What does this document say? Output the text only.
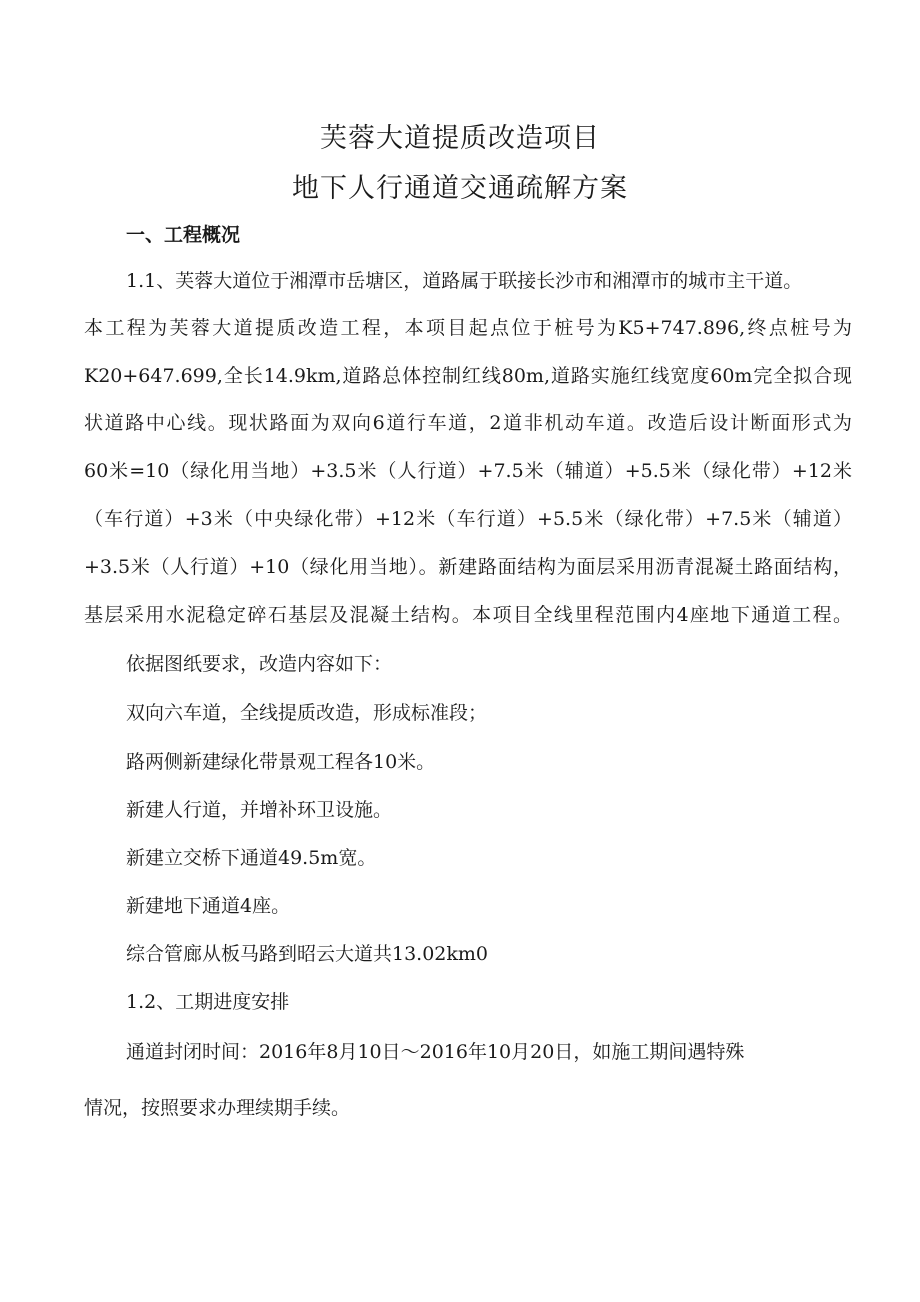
芙蓉大道提质改造项目
地下人行通道交通疏解方案
一、工程概况
1.1、芙蓉大道位于湘潭市岳塘区，道路属于联接长沙市和湘潭市的城市主干道。
本工程为芙蓉大道提质改造工程，本项目起点位于桩号为K5+747.896,终点桩号为
K20+647.699,全长14.9km,道路总体控制红线80m,道路实施红线宽度60m完全拟合现
状道路中心线。现状路面为双向6道行车道，2道非机动车道。改造后设计断面形式为
60米=10（绿化用当地）+3.5米（人行道）+7.5米（辅道）+5.5米（绿化带）+12米
（车行道）+3米（中央绿化带）+12米（车行道）+5.5米（绿化带）+7.5米（辅道）
+3.5米（人行道）+10（绿化用当地）。新建路面结构为面层采用沥青混凝土路面结构，
基层采用水泥稳定碎石基层及混凝土结构。本项目全线里程范围内4座地下通道工程。
依据图纸要求，改造内容如下：
双向六车道，全线提质改造，形成标准段；
路两侧新建绿化带景观工程各10米。
新建人行道，并增补环卫设施。
新建立交桥下通道49.5m宽。
新建地下通道4座。
综合管廊从板马路到昭云大道共13.02km0
1.2、工期进度安排
通道封闭时间：2016年8月10日～2016年10月20日，如施工期间遇特殊
情况，按照要求办理续期手续。
